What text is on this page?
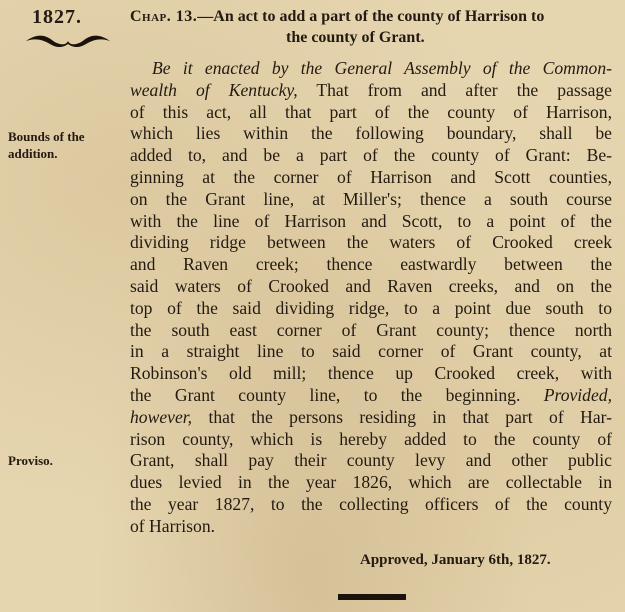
1827.	Chap. 13.—An act to add a part of the county of Harrison to
the county of Grant.
Bounds of the
addition.
Proviso.
Be it enacted by the General Assembly of the Common-
wealth of Kentucky, That from and after the passage
of this act, all that part of the county of Harrison,
which lies within the following boundary, shall be
added to, and be a part of the county of Grant: Be-
ginning at the corner of Harrison and Scott counties,
on the Grant line, at Miller's; thence a south course
with the line of Harrison and Scott, to a point of the
dividing ridge between the waters of Crooked creek
and Raven creek; thence eastwardly between the
said waters of Crooked and Raven creeks, and on the
top of the said dividing ridge, to a point due south to
the south east corner of Grant county; thence north
in a straight line to said corner of Grant county, at
Robinson's old mill; thence up Crooked creek, with
the Grant county line, to the beginning. Provided,
however, that the persons residing in that part of Har-
rison county, which is hereby added to the county of
Grant, shall pay their county levy and other public
dues levied in the year 1826, which are collectable in
the year 1827, to the collecting officers of the county
of Harrison.
Approved, January 6th, 1827.
